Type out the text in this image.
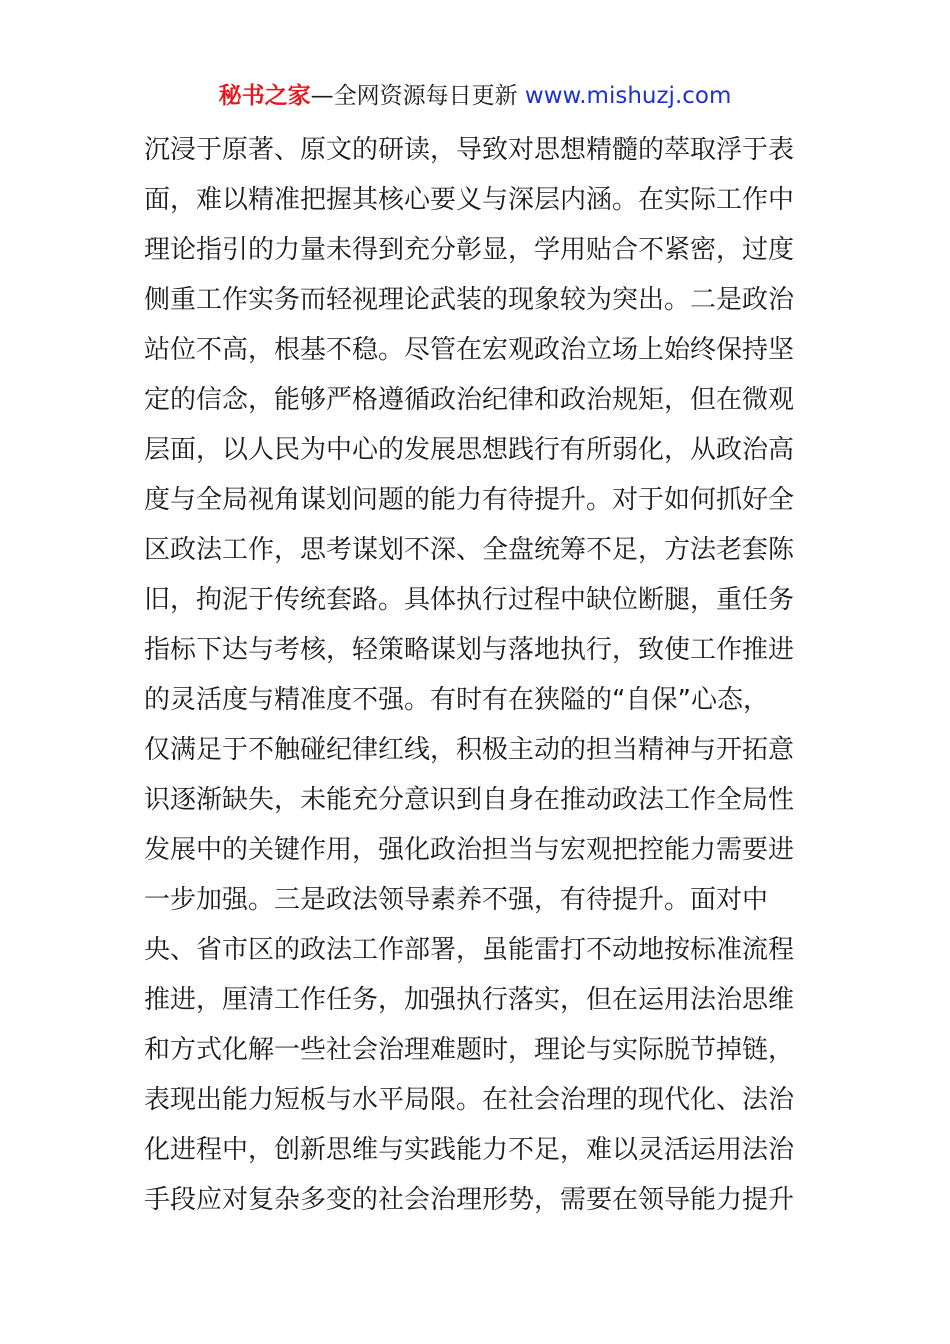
秘书之家—全网资源每日更新 www.mishuzj.com
沉浸于原著、原文的研读，导致对思想精髓的萃取浮于表
面，难以精准把握其核心要义与深层内涵。在实际工作中
理论指引的力量未得到充分彰显，学用贴合不紧密，过度
侧重工作实务而轻视理论武装的现象较为突出。二是政治
站位不高，根基不稳。尽管在宏观政治立场上始终保持坚
定的信念，能够严格遵循政治纪律和政治规矩，但在微观
层面，以人民为中心的发展思想践行有所弱化，从政治高
度与全局视角谋划问题的能力有待提升。对于如何抓好全
区政法工作，思考谋划不深、全盘统筹不足，方法老套陈
旧，拘泥于传统套路。具体执行过程中缺位断腿，重任务
指标下达与考核，轻策略谋划与落地执行，致使工作推进
的灵活度与精准度不强。有时有在狭隘的“自保”心态，
仅满足于不触碰纪律红线，积极主动的担当精神与开拓意
识逐渐缺失，未能充分意识到自身在推动政法工作全局性
发展中的关键作用，强化政治担当与宏观把控能力需要进
一步加强。三是政法领导素养不强，有待提升。面对中
央、省市区的政法工作部署，虽能雷打不动地按标准流程
推进，厘清工作任务，加强执行落实，但在运用法治思维
和方式化解一些社会治理难题时，理论与实际脱节掉链，
表现出能力短板与水平局限。在社会治理的现代化、法治
化进程中，创新思维与实践能力不足，难以灵活运用法治
手段应对复杂多变的社会治理形势，需要在领导能力提升
